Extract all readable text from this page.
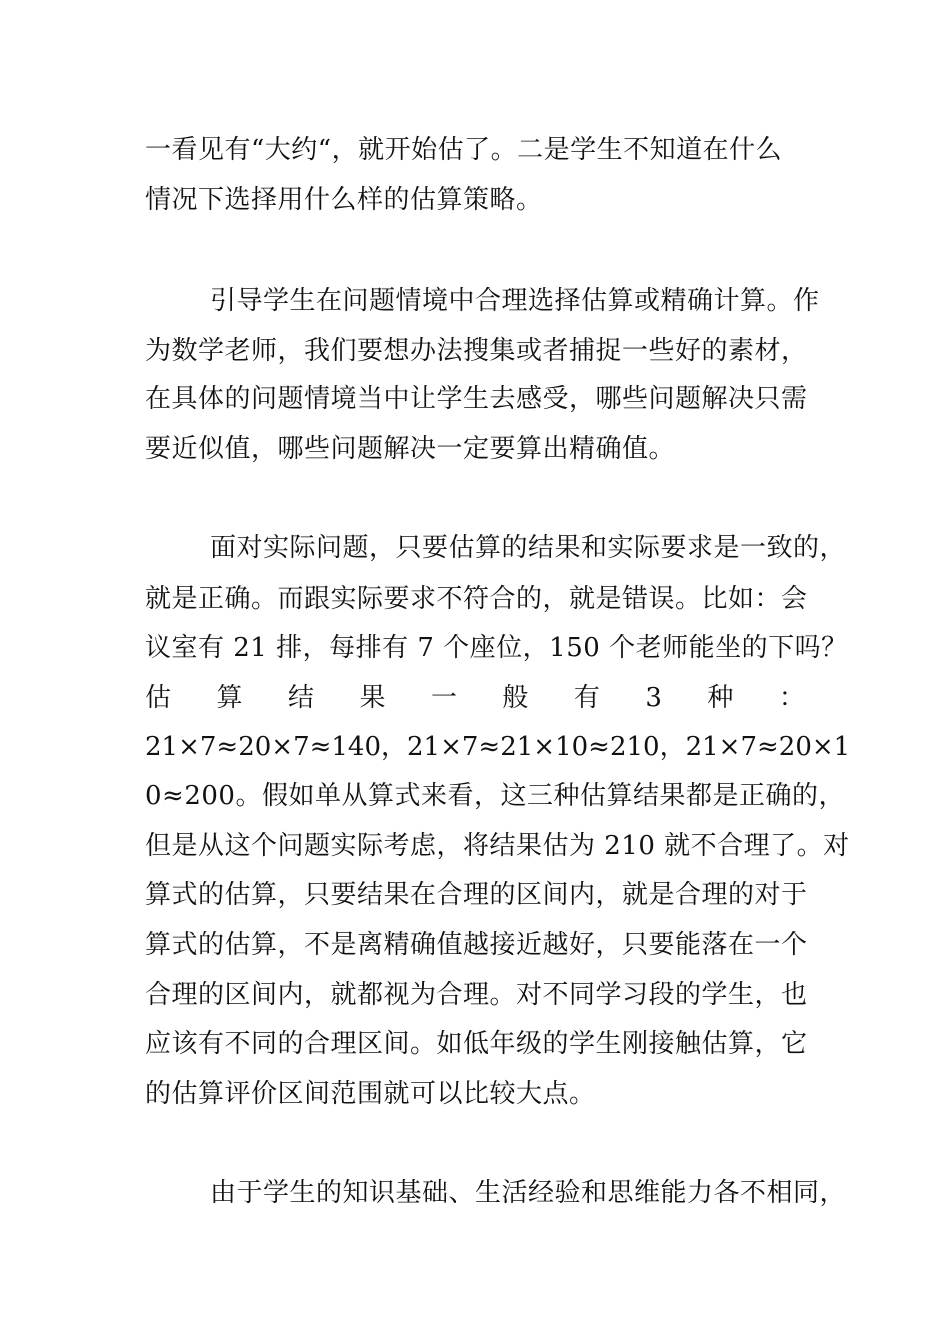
一看见有“大约“，就开始估了。二是学生不知道在什么
情况下选择用什么样的估算策略。
引导学生在问题情境中合理选择估算或精确计算。作
为数学老师，我们要想办法搜集或者捕捉一些好的素材，
在具体的问题情境当中让学生去感受，哪些问题解决只需
要近似值，哪些问题解决一定要算出精确值。
面对实际问题，只要估算的结果和实际要求是一致的，
就是正确。而跟实际要求不符合的，就是错误。比如：会
议室有 21 排，每排有 7 个座位，150 个老师能坐的下吗？
估 算 结 果 一 般 有 3 种 ：
21×7≈20×7≈140，21×7≈21×10≈210，21×7≈20×1
0≈200。假如单从算式来看，这三种估算结果都是正确的，
但是从这个问题实际考虑，将结果估为 210 就不合理了。对
算式的估算，只要结果在合理的区间内，就是合理的对于
算式的估算，不是离精确值越接近越好，只要能落在一个
合理的区间内，就都视为合理。对不同学习段的学生，也
应该有不同的合理区间。如低年级的学生刚接触估算，它
的估算评价区间范围就可以比较大点。
由于学生的知识基础、生活经验和思维能力各不相同，
